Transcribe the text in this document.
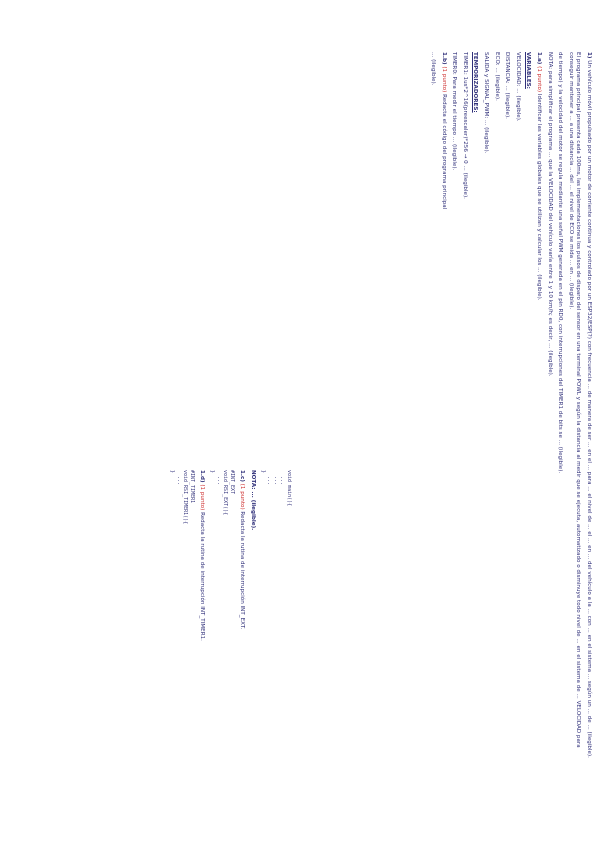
1) Un vehículo móvil propulsado por un motor de corriente continua y controlado por un ESP32/ESP(?) con frecuencia ... de manera de ser ... en el ... para ... el nivel de ... el ... en ... del vehículo a la ... con ... en el sistema ... según un ... de ... (ilegible).

El programa principal presenta cada 100ms, las implementaciones los pulsos de disparo del sensor en una terminal POWL y según la distancia al medir que se ejecuta, automatizado o disminuye todo nivel de ... en el sistema de ... VELOCIDAD para conseguir mantener a ... a una distancia ... del ... el nivel de ECO se mida ... en ... (ilegible).

de tiempo) y la velocidad del motor se regula mediante una señal PWM generada en el pin RD0, con interrupciones del TIMER1 de bits se ... (ilegible).

NOTA: para simplificar el programa ... que la VELOCIDAD del vehículo varía entre 1 y 10 km/h; es decir, ... (ilegible).

1.a) (1 punto) Identificar las variables globales que se utilizan y calcular los ... (ilegible).

VARIABLES:

VELOCIDAD: ... (ilegible).

DISTANCIA: ... (ilegible).

ECO: ... (ilegible).

SALIDA y SIGNAL_PWM: ... (ilegible).

TEMPORIZADORES:

TIMER1: 1us*2^16(preescaler)*256 → 0 ... (ilegible).

TIMER0: Para medir el tiempo ... (ilegible).

1.b) (1 punto) Redacta el código del programa principal

... (ilegible).

void main(){
...
...
...
}

NOTA: ... (ilegible).

1.c) (1 punto) Redacta la rutina de interrupción INT_EXT.

#INT_EXT
void RSI_EXT(){
...
}

1.d) (1 punto) Redacta la rutina de interrupción INT_TIMER1.

#INT_TIMER1
void RSI_TIMER1(){
...
}
